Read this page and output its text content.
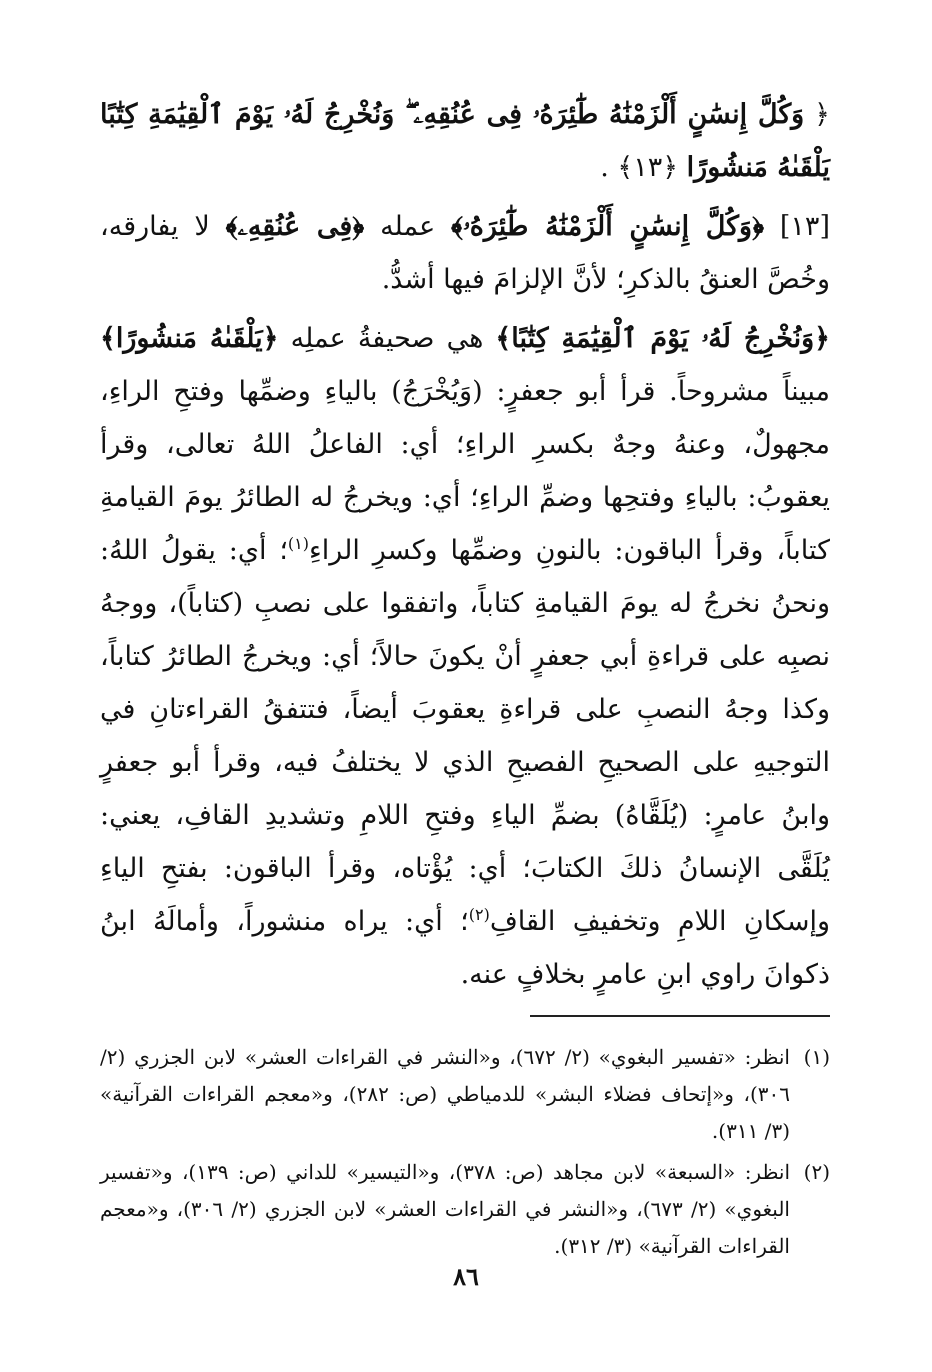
﴿ وَكُلَّ إِنسَٰنٍ أَلْزَمْنَٰهُ طَٰٓئِرَهُۥ فِى عُنُقِهِۦ ۖ وَنُخْرِجُ لَهُۥ يَوْمَ ٱلْقِيَٰمَةِ كِتَٰبًا يَلْقَىٰهُ مَنشُورًا ﴿١٣﴾ .

[١٣] ﴿وَكُلَّ إِنسَٰنٍ أَلْزَمْنَٰهُ طَٰٓئِرَهُۥ﴾ عمله ﴿فِى عُنُقِهِۦ﴾ لا يفارقه، وخُصَّ العنقُ بالذكرِ؛ لأنَّ الإلزامَ فيها أشدُّ.

﴿وَنُخْرِجُ لَهُۥ يَوْمَ ٱلْقِيَٰمَةِ كِتَٰبًا﴾ هي صحيفةُ عملِه ﴿يَلْقَىٰهُ مَنشُورًا﴾ مبيناً مشروحاً. قرأ أبو جعفرٍ: (وَيُخْرَجُ) بالياءِ وضمِّها وفتحِ الراءِ، مجهولٌ، وعنهُ وجهٌ بكسرِ الراءِ؛ أي: الفاعلُ اللهُ تعالى، وقرأ يعقوبُ: بالياءِ وفتحِها وضمِّ الراءِ؛ أي: ويخرجُ له الطائرُ يومَ القيامةِ كتاباً، وقرأ الباقون: بالنونِ وضمِّها وكسرِ الراءِ$^{(١)}$؛ أي: يقولُ اللهُ: ونحنُ نخرجُ له يومَ القيامةِ كتاباً، واتفقوا على نصبِ (كتاباً)، ووجهُ نصبِه على قراءةِ أبي جعفرٍ أنْ يكونَ حالاً؛ أي: ويخرجُ الطائرُ كتاباً، وكذا وجهُ النصبِ على قراءةِ يعقوبَ أيضاً، فتتفقُ القراءتانِ في التوجيهِ على الصحيحِ الفصيحِ الذي لا يختلفُ فيه، وقرأ أبو جعفرٍ وابنُ عامرٍ: (يُلَقَّاهُ) بضمِّ الياءِ وفتحِ اللامِ وتشديدِ القافِ، يعني: يُلَقَّى الإنسانُ ذلكَ الكتابَ؛ أي: يُؤْتاه، وقرأ الباقون: بفتحِ الياءِ وإسكانِ اللامِ وتخفيفِ القافِ$^{(٢)}$؛ أي: يراه منشوراً، وأمالَهُ ابنُ ذكوانَ راوي ابنِ عامرٍ بخلافٍ عنه.

(١)
انظر: «تفسير البغوي» (٢/ ٦٧٢)، و«النشر في القراءات العشر» لابن الجزري (٢/ ٣٠٦)، و«إتحاف فضلاء البشر» للدمياطي (ص: ٢٨٢)، و«معجم القراءات القرآنية» (٣/ ٣١١).
(٢)
انظر: «السبعة» لابن مجاهد (ص: ٣٧٨)، و«التيسير» للداني (ص: ١٣٩)، و«تفسير البغوي» (٢/ ٦٧٣)، و«النشر في القراءات العشر» لابن الجزري (٢/ ٣٠٦)، و«معجم القراءات القرآنية» (٣/ ٣١٢).
٨٦
